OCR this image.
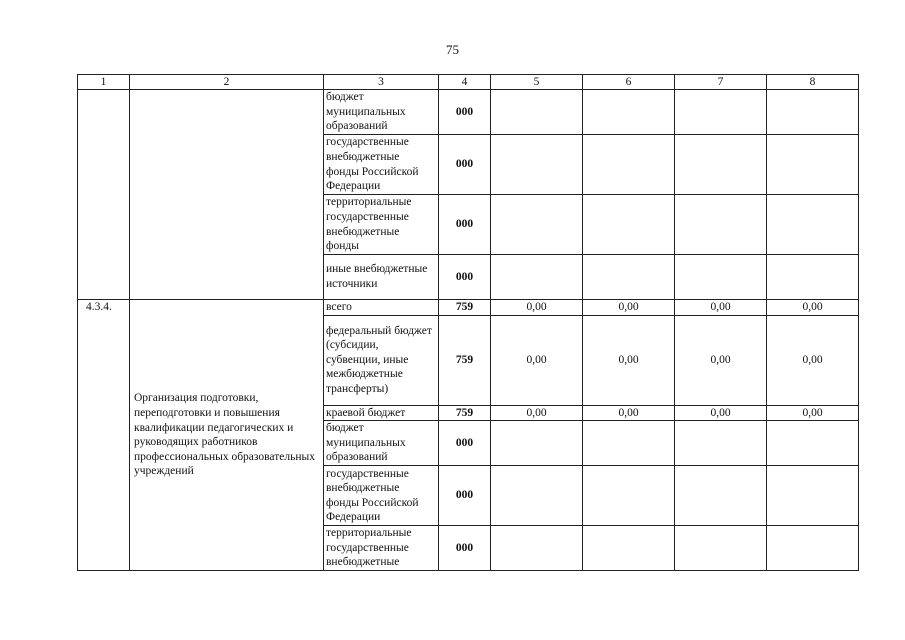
75
1	2	3	4	5	6	7	8
		бюджет муниципальных образований	000				
		государственные внебюджетные фонды Российской Федерации	000				
		территориальные государственные внебюджетные фонды	000				
		иные внебюджетные источники	000				
4.3.4.	Организация подготовки, переподготовки и повышения квалификации педагогических и руководящих работников профессиональных образовательных учреждений	всего	759	0,00	0,00	0,00	0,00
		федеральный бюджет (субсидии, субвенции, иные межбюджетные трансферты)	759	0,00	0,00	0,00	0,00
		краевой бюджет	759	0,00	0,00	0,00	0,00
		бюджет муниципальных образований	000				
		государственные внебюджетные фонды Российской Федерации	000				
		территориальные государственные внебюджетные	000				
